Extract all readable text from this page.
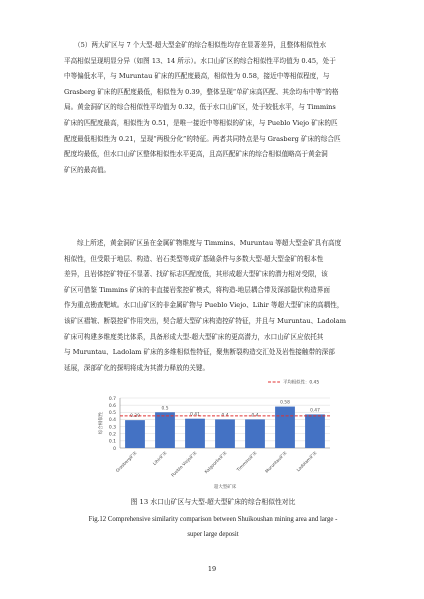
（5）两大矿区与 7 个大型-超大型金矿的综合相似性均存在显著差异，且整体相似性水
平高相似呈现明显分异（如图 13、14 所示）。水口山矿区的综合相似性平均值为 0.45，处于
中等偏低水平，与 Muruntau 矿床的匹配度最高，相似性为 0.58，接近中等相似程度，与
Grasberg 矿床的匹配度最低，相似性为 0.39，整体呈现“单矿床高匹配、其余均布中等”的格
局。黄金洞矿区的综合相似性平均值为 0.32，低于水口山矿区，处于较低水平，与 Timmins
矿床的匹配度最高，相似性为 0.51，是唯一接近中等相似的矿床，与 Pueblo Viejo 矿床的匹
配度最低相似性为 0.21，呈现“两极分化”的特征。两者共同特点是与 Grasberg 矿床的综合匹
配度均最低，但水口山矿区整体相似性水平更高，且高匹配矿床的综合相似值略高于黄金洞
矿区的最高值。
综上所述，黄金洞矿区虽在金属矿物维度与 Timmins、Muruntau 等超大型金矿具有高度
相似性，但受限于地层、构造、岩石类型等成矿基础条件与多数大型-超大型金矿的根本性
差异，且岩体控矿特征不显著、找矿标志匹配度低，其形成超大型矿床的潜力相对受限，该
矿区可借鉴 Timmins 矿床的非直接岩浆控矿模式，将构造-地层耦合带及深部隐伏构造界面
作为重点勘查靶域。水口山矿区的非金属矿物与 Pueblo Viejo、Lihir 等超大型矿床的高耦性，
该矿区褶皱、断裂控矿作用突出，契合超大型矿床构造控矿特征，并且与 Muruntau、Ladolam
矿床可构建多维度类比体系，具备形成大型-超大型矿床的更高潜力，水口山矿区应依托其
与 Muruntau、Ladolam 矿床的多维相似性特征，聚焦断裂构造交汇处及岩性接触带的深部
延展，深部矿化的探明将成为其潜力释放的关键。
0
0.1
0.2
0.3
0.4
0.5
0.6
0.7
综合相似性	0.39
Grasberg矿床
0.5
Lihir矿床
0.41
Pueblo Viejo矿床
0.4
Kalgoorlie矿床
0.4
Timmins矿床
0.58
Muruntau矿床
0.47
Ladolam矿床
平均相似性：0.45
超大型矿床

图 13 水口山矿区与大型-超大型矿床的综合相似性对比

Fig.12 Comprehensive similarity comparison between Shuikoushan mining area and large -

super large deposit

19
